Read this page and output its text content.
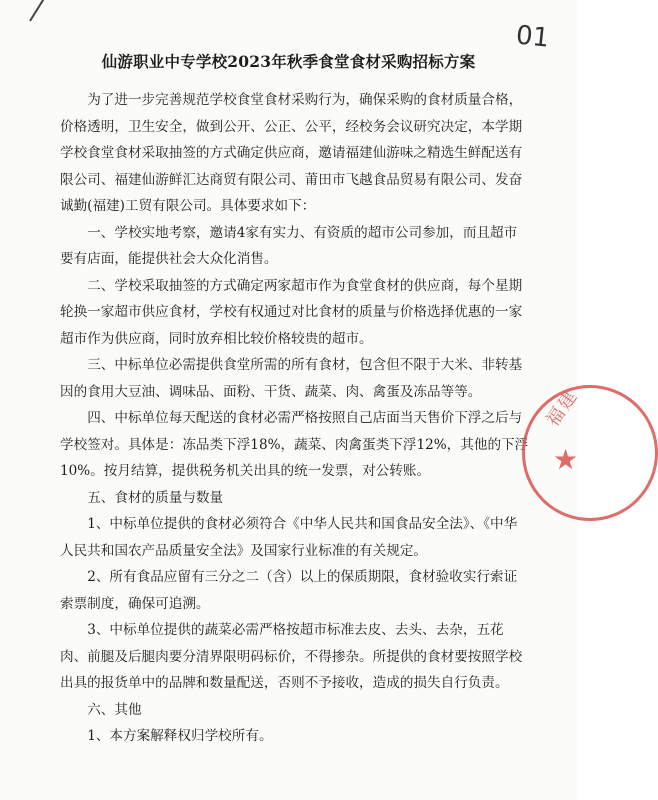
01
仙游职业中专学校2023年秋季食堂食材采购招标方案

为了进一步完善规范学校食堂食材采购行为，确保采购的食材质量合格，价格透明，卫生安全，做到公开、公正、公平，经校务会议研究决定，本学期学校食堂食材采取抽签的方式确定供应商，邀请福建仙游味之精选生鲜配送有限公司、福建仙游鲜汇达商贸有限公司、莆田市飞越食品贸易有限公司、发奋诚勤(福建)工贸有限公司。具体要求如下：

一、学校实地考察，邀请4家有实力、有资质的超市公司参加，而且超市要有店面，能提供社会大众化消售。

二、学校采取抽签的方式确定两家超市作为食堂食材的供应商，每个星期轮换一家超市供应食材，学校有权通过对比食材的质量与价格选择优惠的一家超市作为供应商，同时放弃相比较价格较贵的超市。

三、中标单位必需提供食堂所需的所有食材，包含但不限于大米、非转基因的食用大豆油、调味品、面粉、干货、蔬菜、肉、禽蛋及冻品等等。

四、中标单位每天配送的食材必需严格按照自己店面当天售价下浮之后与学校签对。具体是：冻品类下浮18%，蔬菜、肉禽蛋类下浮12%，其他的下浮10%。按月结算，提供税务机关出具的统一发票，对公转账。

五、食材的质量与数量

1、中标单位提供的食材必须符合《中华人民共和国食品安全法》、《中华人民共和国农产品质量安全法》及国家行业标准的有关规定。

2、所有食品应留有三分之二（含）以上的保质期限，食材验收实行索证索票制度，确保可追溯。

3、中标单位提供的蔬菜必需严格按超市标准去皮、去头、去杂，五花肉、前腿及后腿肉要分清界限明码标价，不得掺杂。所提供的食材要按照学校出具的报货单中的品牌和数量配送，否则不予接收，造成的损失自行负责。

六、其他

1、本方案解释权归学校所有。

福建
★
